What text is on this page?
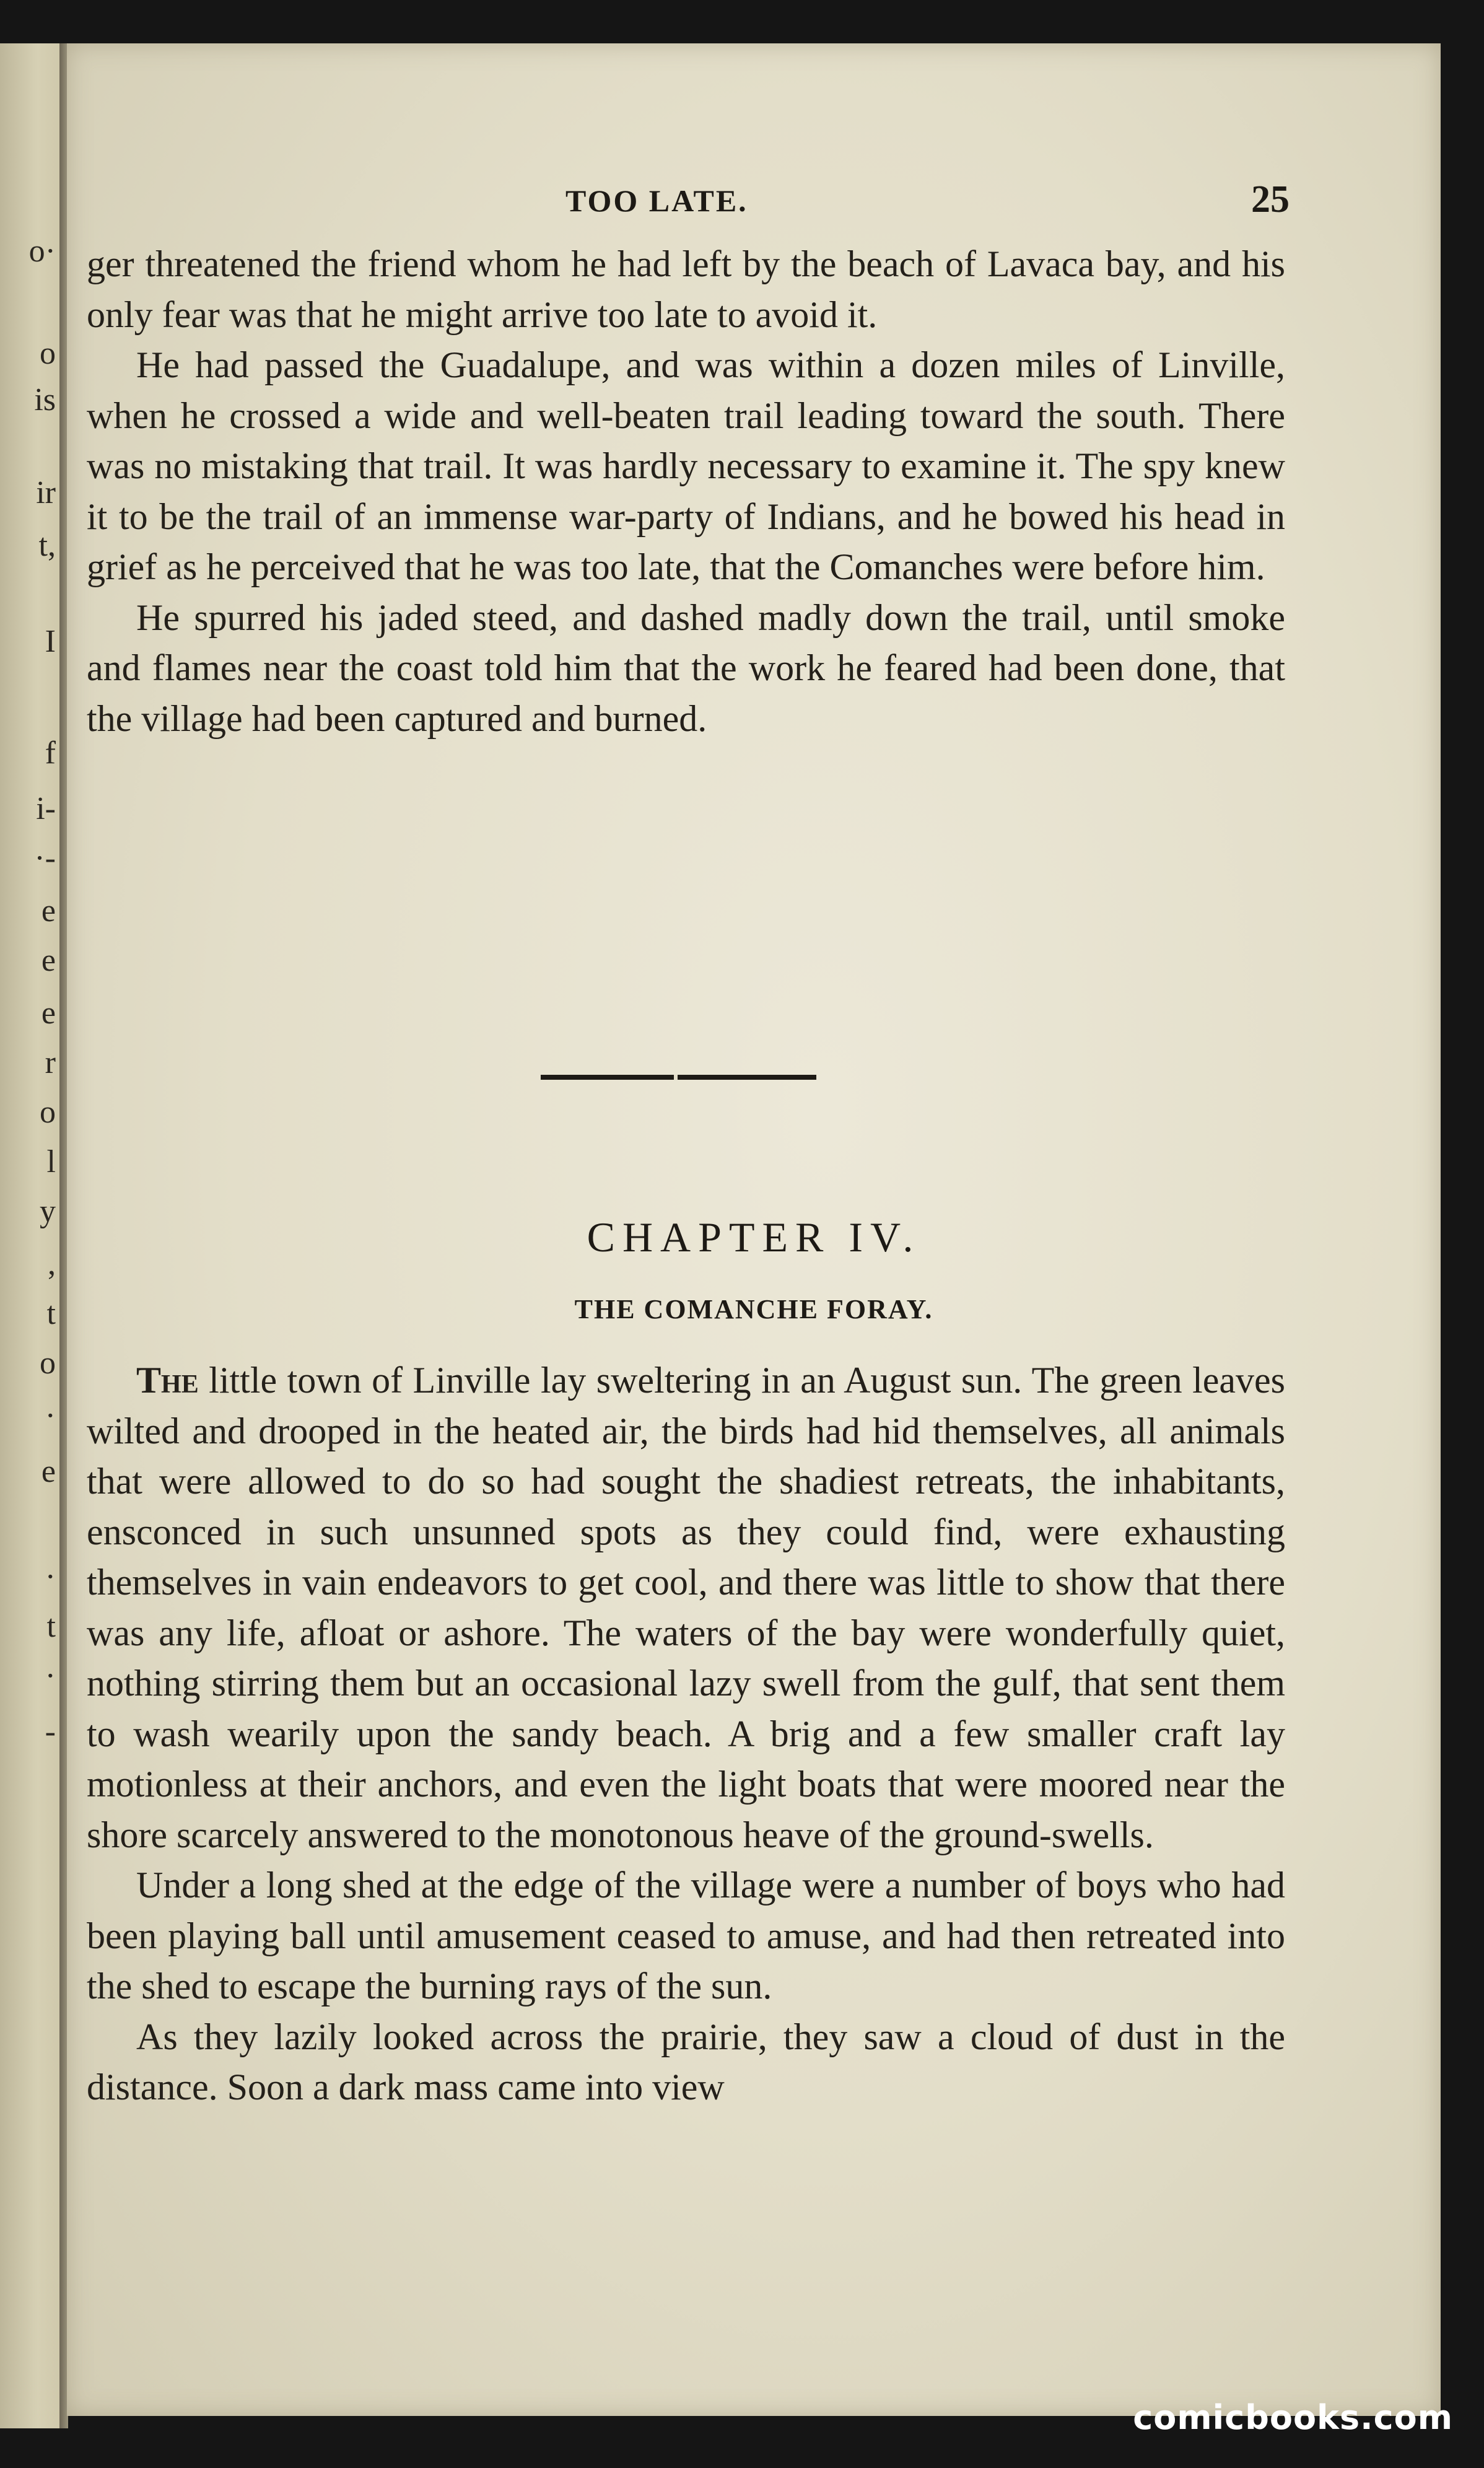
o·
o
is
ir
t,
I
f
i-
·-
e
e
e
r
o
l
y
,
t
o
·
e
·
t
·
-
TOO LATE.	25

ger threatened the friend whom he had left by the beach of Lavaca bay, and his only fear was that he might arrive too late to avoid it.

He had passed the Guadalupe, and was within a dozen miles of Linville, when he crossed a wide and well-beaten trail leading toward the south. There was no mistaking that trail. It was hardly necessary to examine it. The spy knew it to be the trail of an immense war-party of Indians, and he bowed his head in grief as he perceived that he was too late, that the Comanches were before him.

He spurred his jaded steed, and dashed madly down the trail, until smoke and flames near the coast told him that the work he feared had been done, that the village had been captured and burned.

CHAPTER IV.
THE COMANCHE FORAY.

The little town of Linville lay sweltering in an August sun. The green leaves wilted and drooped in the heated air, the birds had hid themselves, all animals that were allowed to do so had sought the shadiest retreats, the inhabitants, ensconced in such unsunned spots as they could find, were exhausting themselves in vain endeavors to get cool, and there was little to show that there was any life, afloat or ashore. The waters of the bay were wonderfully quiet, nothing stirring them but an occasional lazy swell from the gulf, that sent them to wash wearily upon the sandy beach. A brig and a few smaller craft lay motionless at their anchors, and even the light boats that were moored near the shore scarcely answered to the monotonous heave of the ground-swells.

Under a long shed at the edge of the village were a number of boys who had been playing ball until amusement ceased to amuse, and had then retreated into the shed to escape the burning rays of the sun.

As they lazily looked across the prairie, they saw a cloud of dust in the distance. Soon a dark mass came into view

comicbooks.com
